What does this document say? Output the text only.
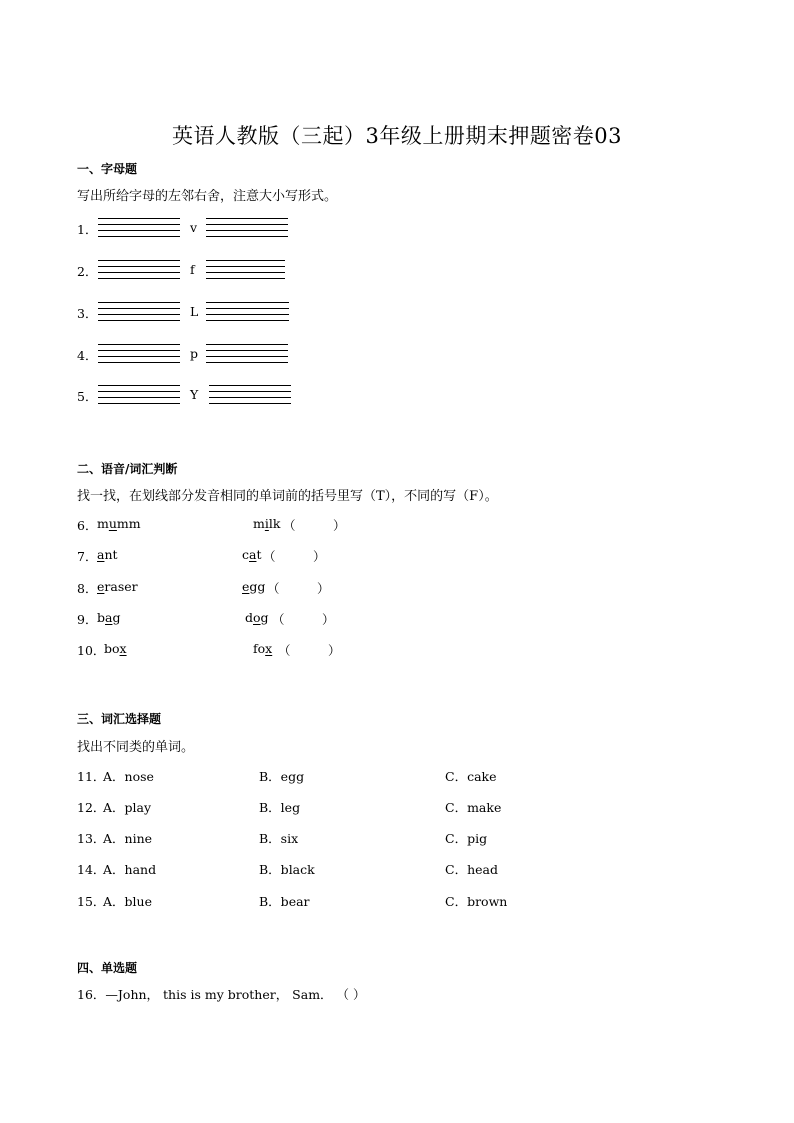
英语人教版（三起）3年级上册期末押题密卷03
一、字母题
写出所给字母的左邻右舍，注意大小写形式。
1．	v
2．	f
3．	L
4．	p
5．	Y
二、语音/词汇判断
找一找，在划线部分发音相同的单词前的括号里写（T），不同的写（F）。
6． mumm	milk （　　　）
7． ant	cat （　　　）
8． eraser	egg （　　　）
9． bag	dog （　　　）
10．
box	fox （　　　）
三、词汇选择题
找出不同类的单词。
11．
A．nose	B．egg	C．cake
12．
A．play	B．leg	C．make
13．
A．nine	B．six	C．pig
14．
A．hand	B．black	C．head
15．
A．blue	B．bear	C．brown
四、单选题
16．—John， this is my brother， Sam． （ ）
